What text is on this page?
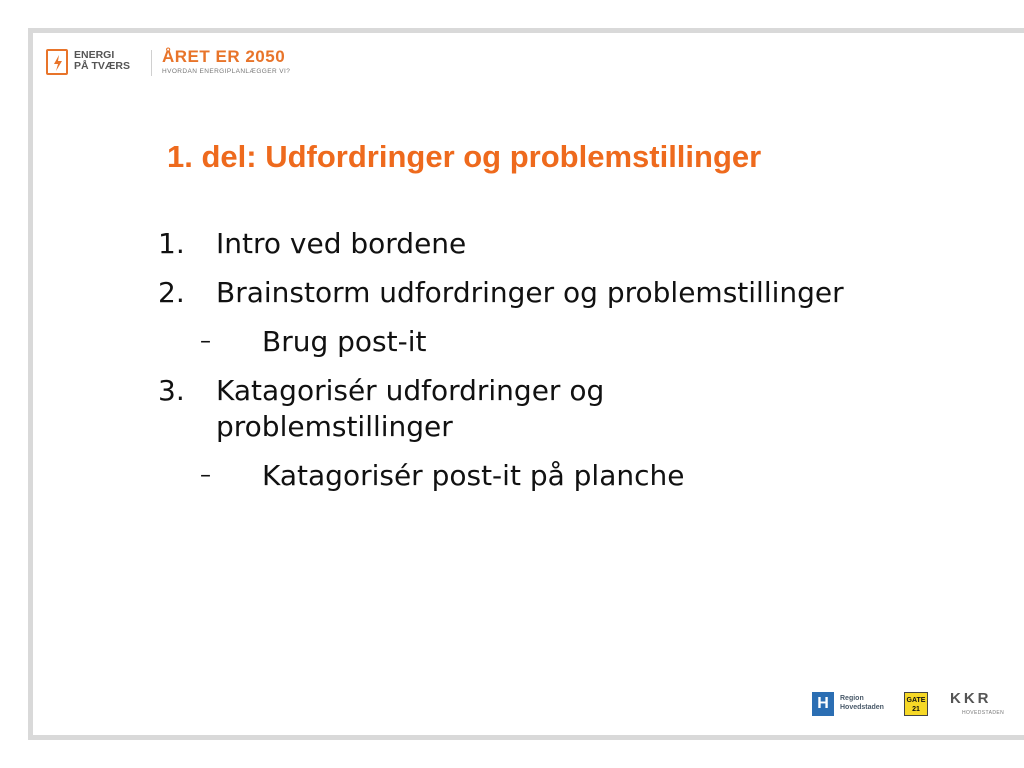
ENERGI
PÅ TVÆRS	ÅRET ER 2050
HVORDAN ENERGIPLANLÆGGER VI?
1. del: Udfordringer og problemstillinger
1. Intro ved bordene
2. Brainstorm udfordringer og problemstillinger
– Brug post-it
3. Katagorisér udfordringer og problemstillinger
– Katagorisér post-it på planche
H	Region
Hovedstaden
GATE
21
KKR
HOVEDSTADEN
